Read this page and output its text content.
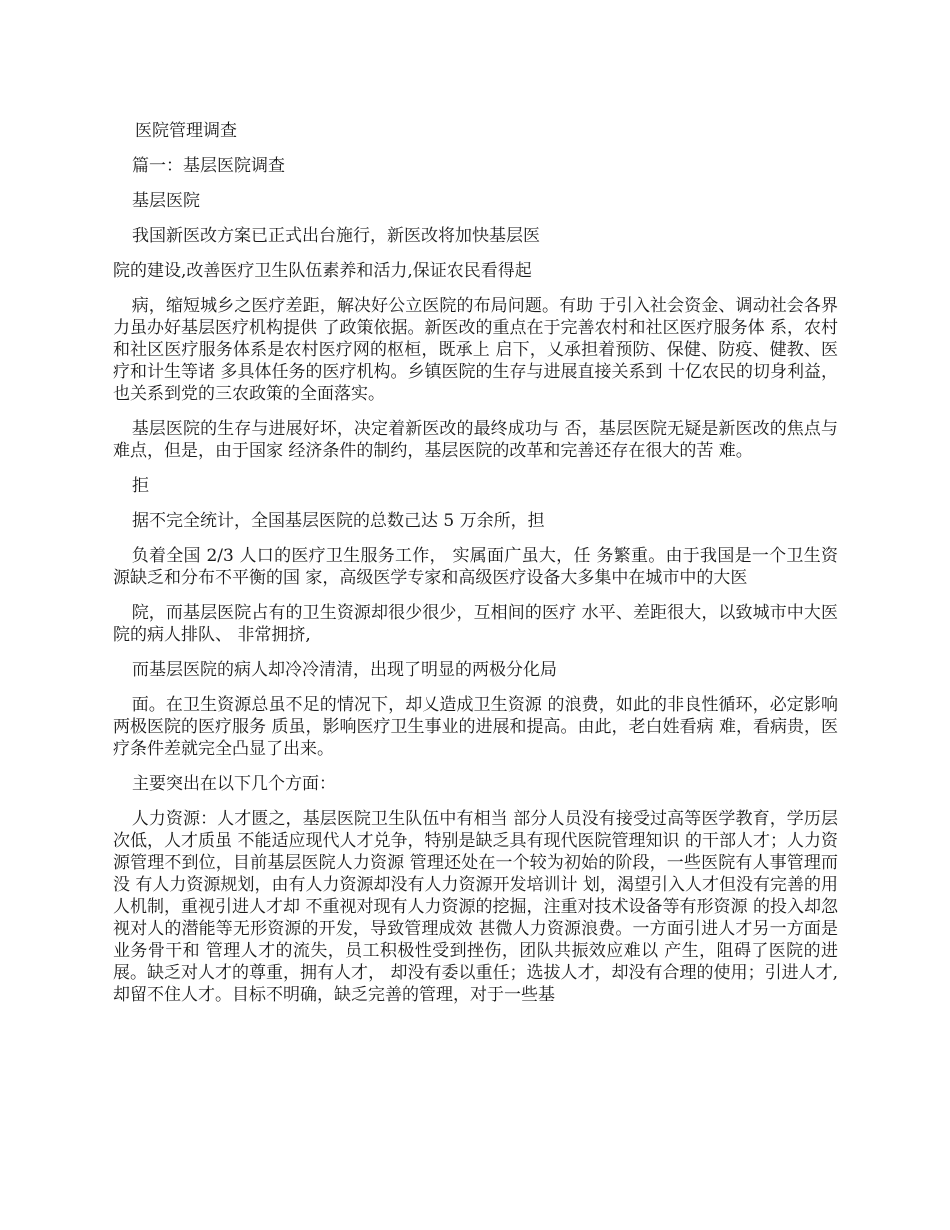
医院管理调查

篇一：基层医院调查

基层医院

我国新医改方案已正式出台施行，新医改将加快基层医

院的建设,改善医疗卫生队伍素养和活力,保证农民看得起

病，缩短城乡之医疗差距，解决好公立医院的布局问题。有助 于引入社会资金、调动社会各界力虽办好基层医疗机构提供 了政策依据。新医改的重点在于完善农村和社区医疗服务体 系，农村和社区医疗服务体系是农村医疗网的枢桓，既承上 启下，乂承担着预防、保健、防疫、健教、医疗和计生等诸 多具体任务的医疗机构。乡镇医院的生存与进展直接关系到 十亿农民的切身利益，也关系到党的三农政策的全面落实。

基层医院的生存与进展好坏，决定着新医改的最终成功与 否，基层医院无疑是新医改的焦点与难点，但是，由于国家 经济条件的制约，基层医院的改革和完善还存在很大的苦 难。

拒

据不完全统计，全国基层医院的总数己达 5 万余所，担

负着全国 2/3 人口的医疗卫生服务工作， 实属面广虽大，任 务繁重。由于我国是一个卫生资源缺乏和分布不平衡的国 家，高级医学专家和高级医疗设备大多集中在城市中的大医

院，而基层医院占有的卫生资源却很少很少，互相间的医疗 水平、差距很大，以致城市中大医院的病人排队、 非常拥挤,

而基层医院的病人却冷冷清清，出现了明显的两极分化局

面。在卫生资源总虽不足的情况下，却乂造成卫生资源 的浪费，如此的非良性循环，必定影响两极医院的医疗服务 质虽，影响医疗卫生事业的进展和提高。由此，老白姓看病 难，看病贵，医疗条件差就完全凸显了出来。

主要突出在以下几个方面：

人力资源：人才匮之，基层医院卫生队伍中有相当 部分人员没有接受过高等医学教育，学历层次低，人才质虽 不能适应现代人才兑争，特别是缺乏具有现代医院管理知识 的干部人才；人力资源管理不到位，目前基层医院人力资源 管理还处在一个较为初始的阶段，一些医院有人事管理而没 有人力资源规划，由有人力资源却没有人力资源开发培训计 划，渴望引入人才但没有完善的用人机制，重视引进人才却 不重视对现有人力资源的挖掘，注重对技术设备等有形资源 的投入却忽视对人的潜能等无形资源的开发，导致管理成效 甚微人力资源浪费。一方面引进人才另一方面是业务骨干和 管理人才的流失，员工积极性受到挫伤，团队共振效应难以 产生，阻碍了医院的进展。缺乏对人才的尊重，拥有人才， 却没有委以重任；选拔人才，却没有合理的使用；引进人才,却留不住人才。目标不明确，缺乏完善的管理，对于一些基
